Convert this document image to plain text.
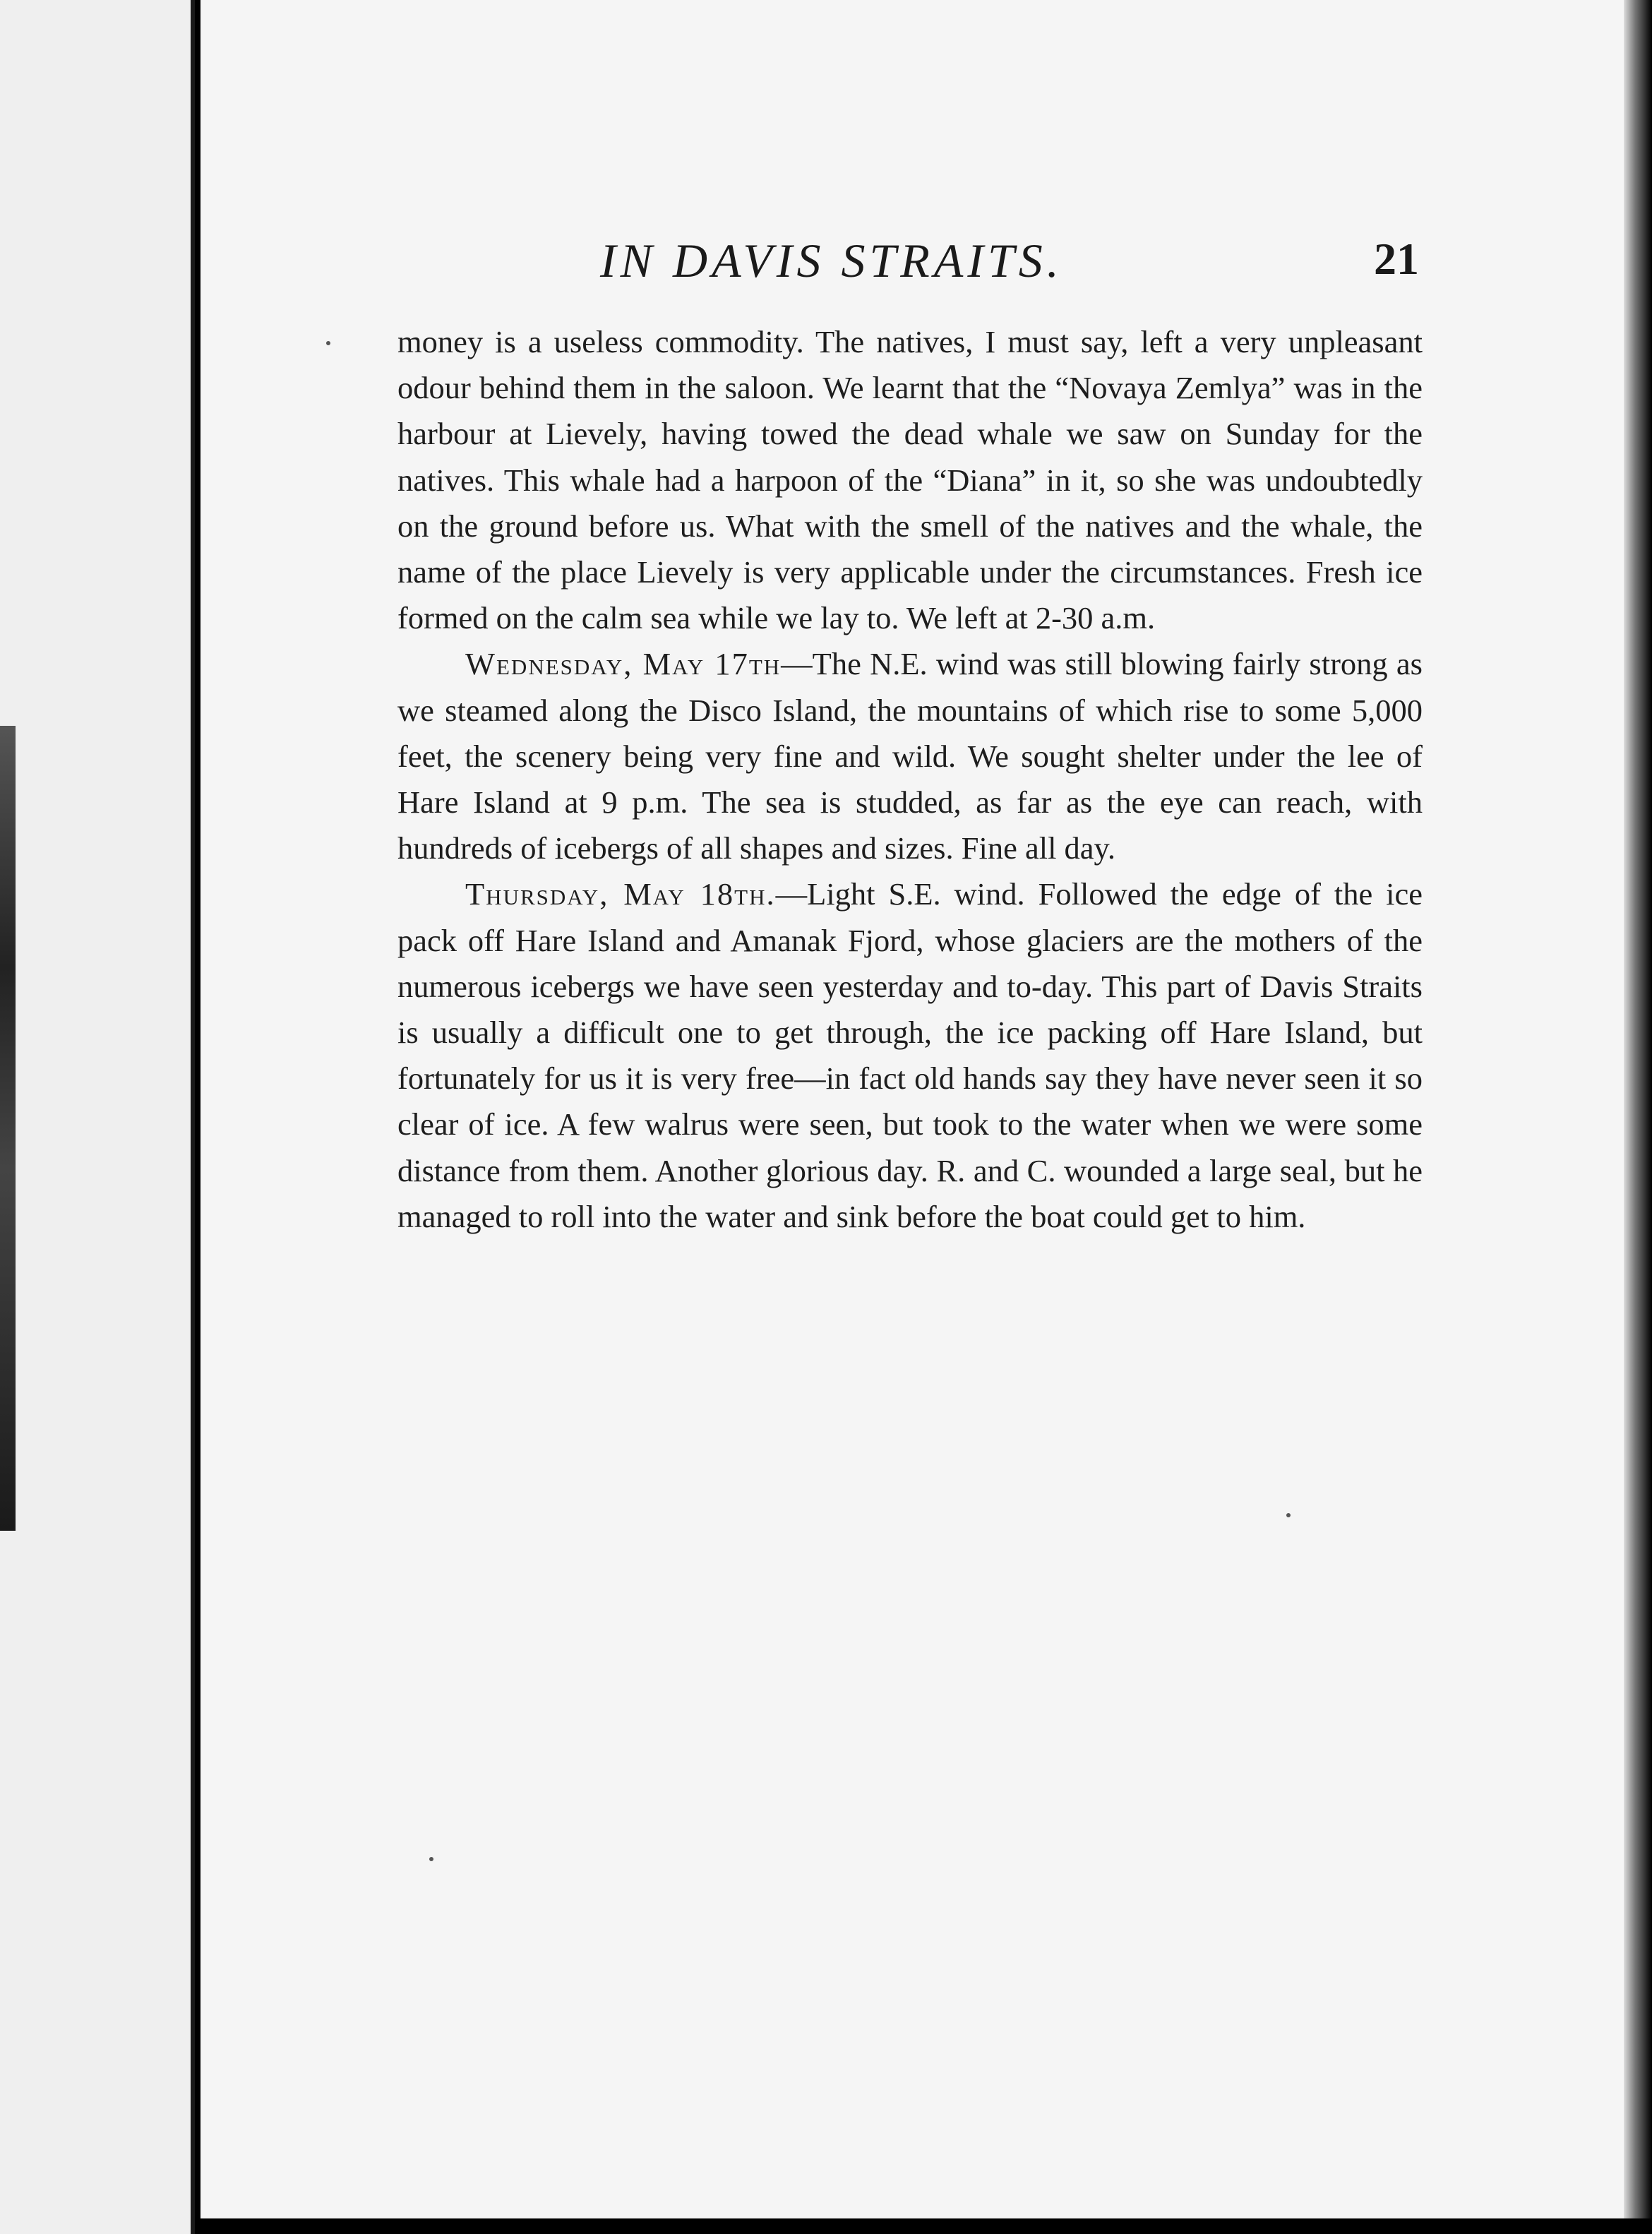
IN DAVIS STRAITS.	21

money is a useless commodity. The natives, I must say, left a very unpleasant odour behind them in the saloon. We learnt that the “Novaya Zemlya” was in the harbour at Lievely, having towed the dead whale we saw on Sunday for the natives. This whale had a harpoon of the “Diana” in it, so she was undoubtedly on the ground before us. What with the smell of the natives and the whale, the name of the place Lievely is very applicable under the circumstances. Fresh ice formed on the calm sea while we lay to. We left at 2-30 a.m.

Wednesday, May 17th—The N.E. wind was still blowing fairly strong as we steamed along the Disco Island, the mountains of which rise to some 5,000 feet, the scenery being very fine and wild. We sought shelter under the lee of Hare Island at 9 p.m. The sea is studded, as far as the eye can reach, with hundreds of icebergs of all shapes and sizes. Fine all day.

Thursday, May 18th.—Light S.E. wind. Followed the edge of the ice pack off Hare Island and Amanak Fjord, whose glaciers are the mothers of the numerous icebergs we have seen yesterday and to-day. This part of Davis Straits is usually a difficult one to get through, the ice packing off Hare Island, but fortunately for us it is very free—in fact old hands say they have never seen it so clear of ice. A few walrus were seen, but took to the water when we were some distance from them. Another glorious day. R. and C. wounded a large seal, but he managed to roll into the water and sink before the boat could get to him.
